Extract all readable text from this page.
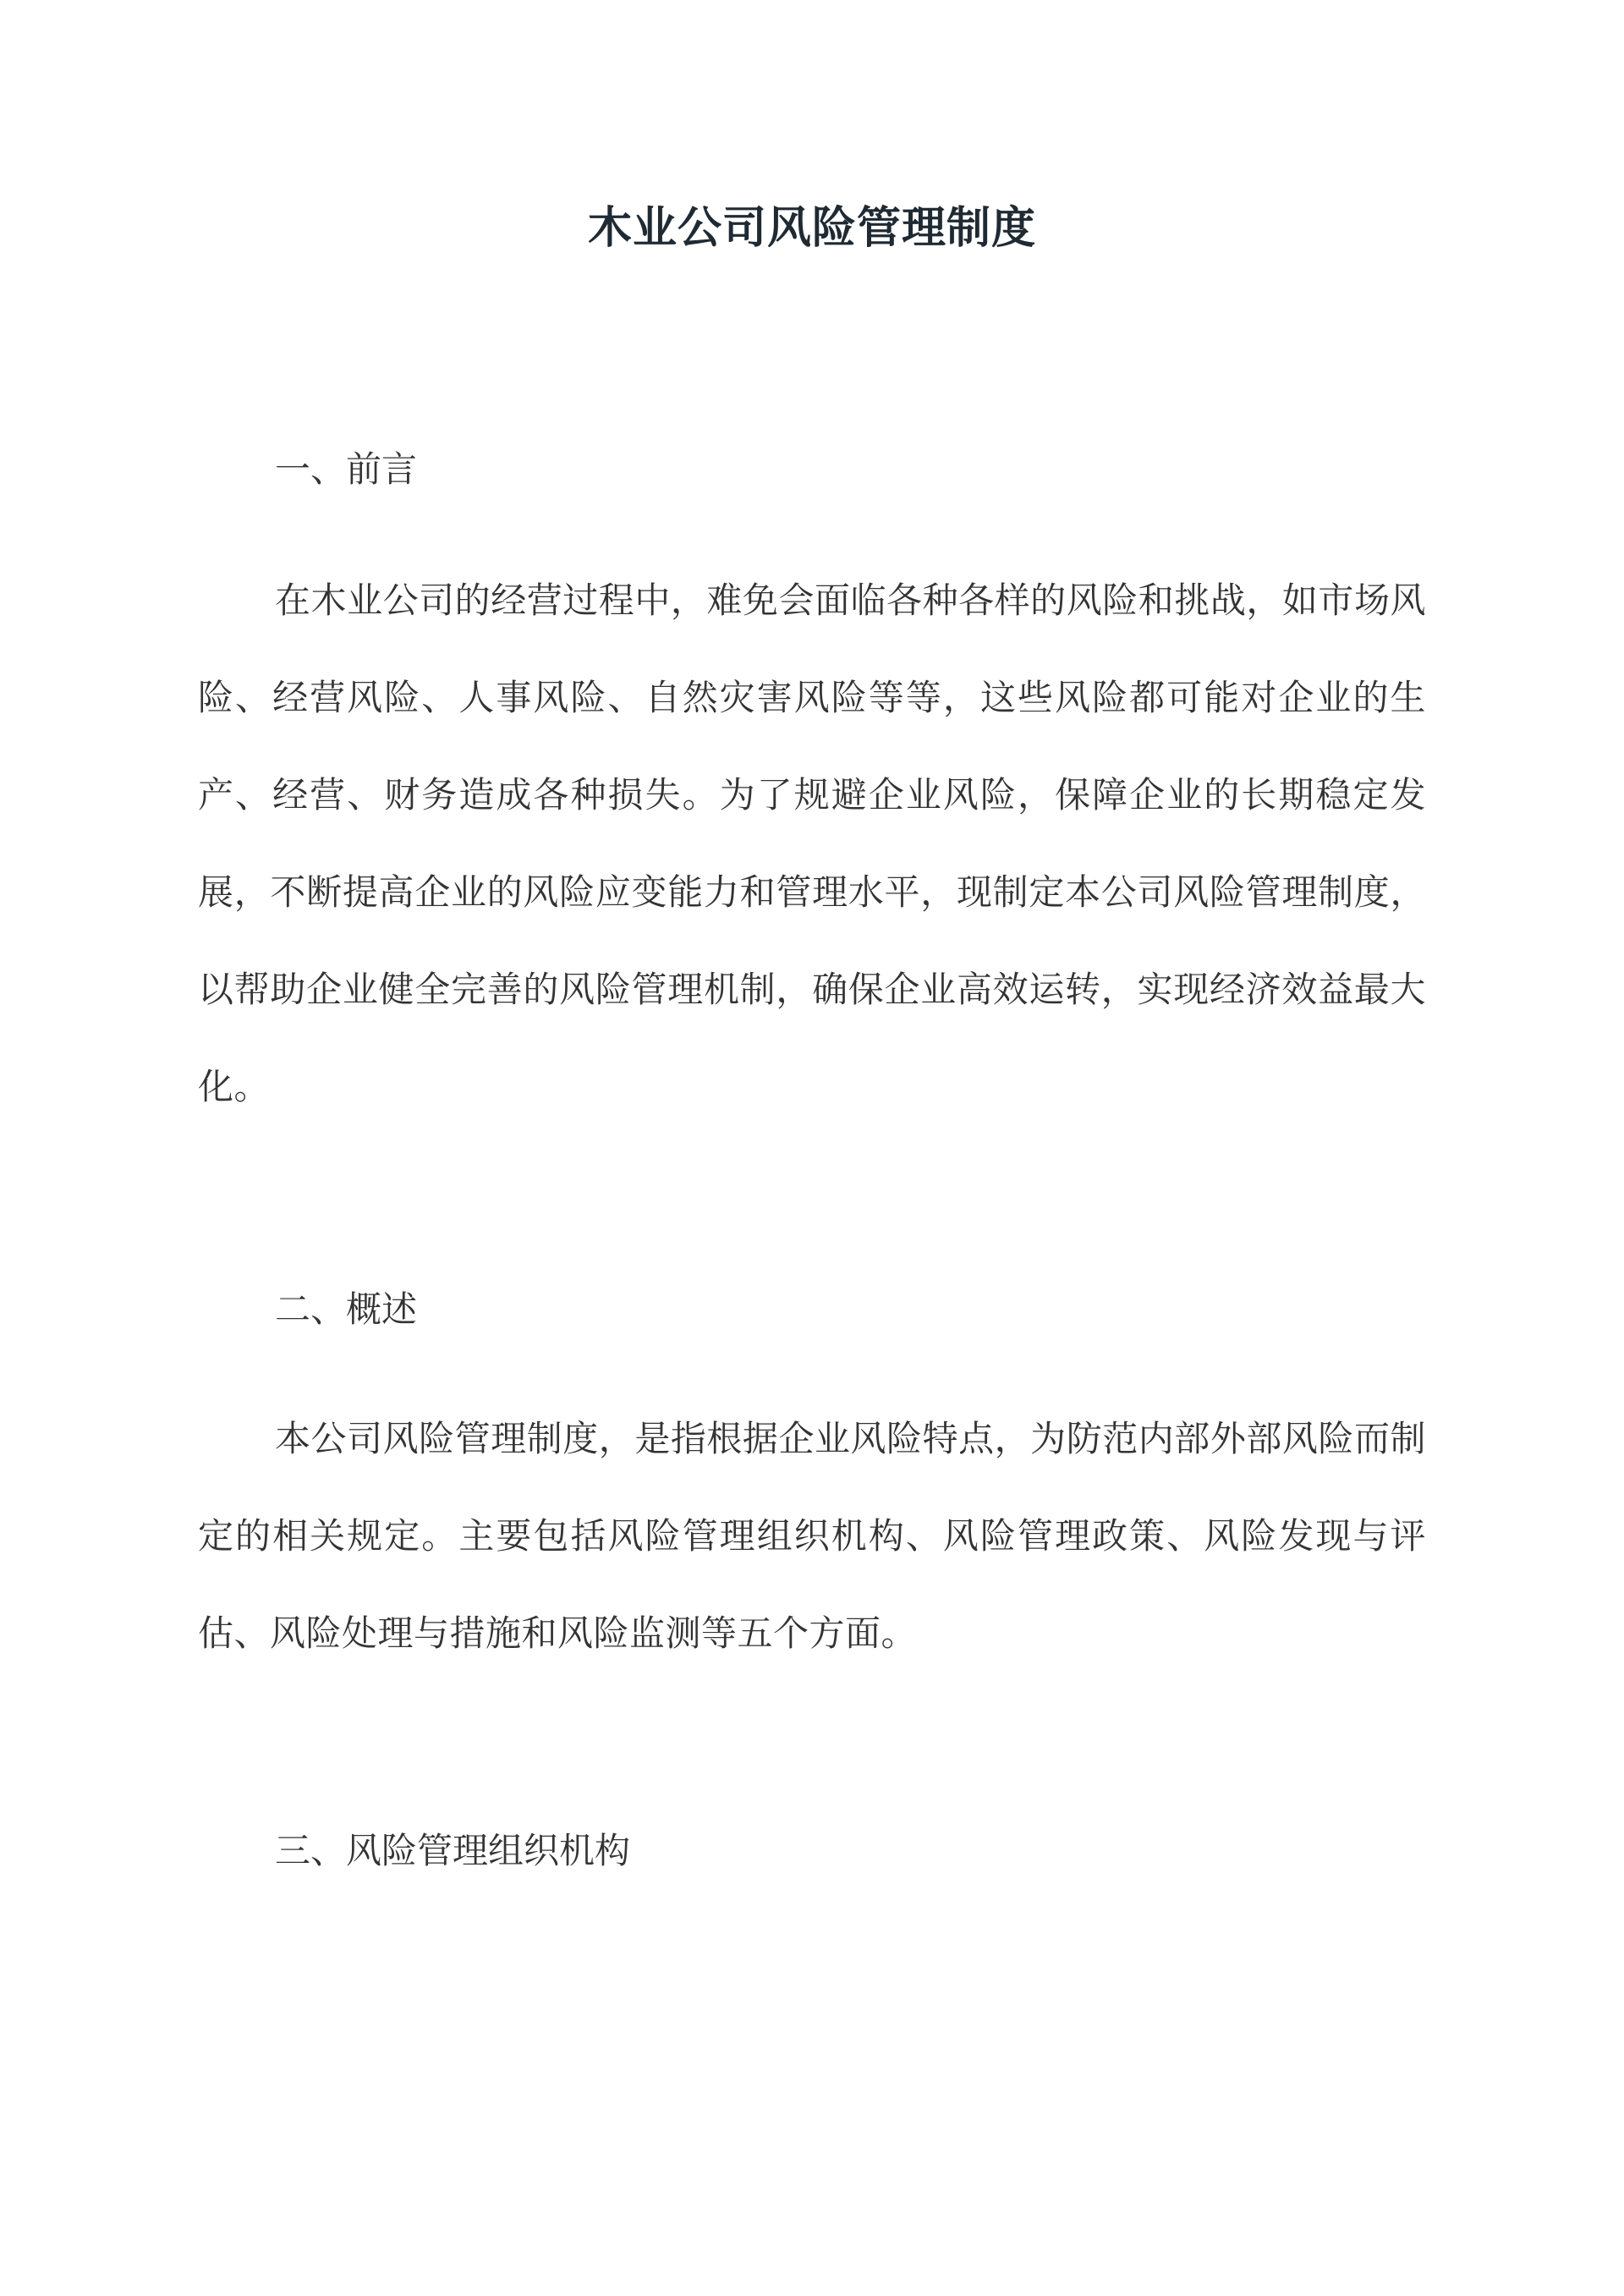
木业公司风险管理制度
一、前言

在木业公司的经营过程中，难免会面临各种各样的风险和挑战，如市场风险、经营风险、人事风险、自然灾害风险等等，这些风险都可能对企业的生产、经营、财务造成各种损失。为了规避企业风险，保障企业的长期稳定发展，不断提高企业的风险应变能力和管理水平，现制定本公司风险管理制度，以帮助企业健全完善的风险管理机制，确保企业高效运转，实现经济效益最大化。

二、概述

本公司风险管理制度，是指根据企业风险特点，为防范内部外部风险而制定的相关规定。主要包括风险管理组织机构、风险管理政策、风险发现与评估、风险处理与措施和风险监测等五个方面。

三、风险管理组织机构
